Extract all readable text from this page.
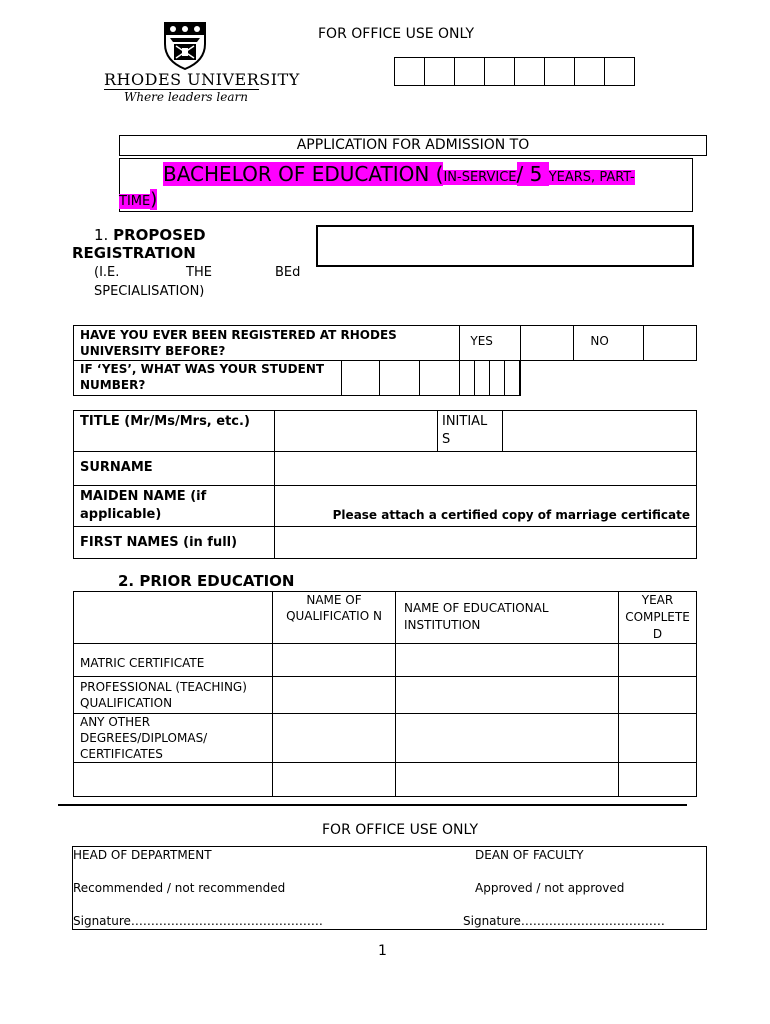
RHODES UNIVERSITY
Where leaders learn
FOR OFFICE USE ONLY
APPLICATION FOR ADMISSION TO
BACHELOR OF EDUCATION (IN-SERVICE/ 5 YEARS, PART-
TIME)
1. PROPOSED
REGISTRATION
(I.E.	THE	BEd
SPECIALISATION)
HAVE YOU EVER BEEN REGISTERED AT RHODES UNIVERSITY BEFORE?	YES		NO	
IF ‘YES’, WHAT WAS YOUR STUDENT NUMBER?				

TITLE (Mr/Ms/Mrs, etc.)		INITIAL S	
SURNAME			
MAIDEN NAME (if applicable)	Please attach a certified copy of marriage certificate		
FIRST NAMES (in full)			
2. PRIOR EDUCATION
	NAME OF QUALIFICATIO N	NAME OF EDUCATIONAL INSTITUTION	YEAR COMPLETE D
MATRIC CERTIFICATE			
PROFESSIONAL (TEACHING) QUALIFICATION			
ANY OTHER DEGREES/DIPLOMAS/ CERTIFICATES			

FOR OFFICE USE ONLY
HEAD OF DEPARTMENT	DEAN OF FACULTY
Recommended / not recommended	Approved / not approved
Signature…………………………………………	Signature………………………………
1
